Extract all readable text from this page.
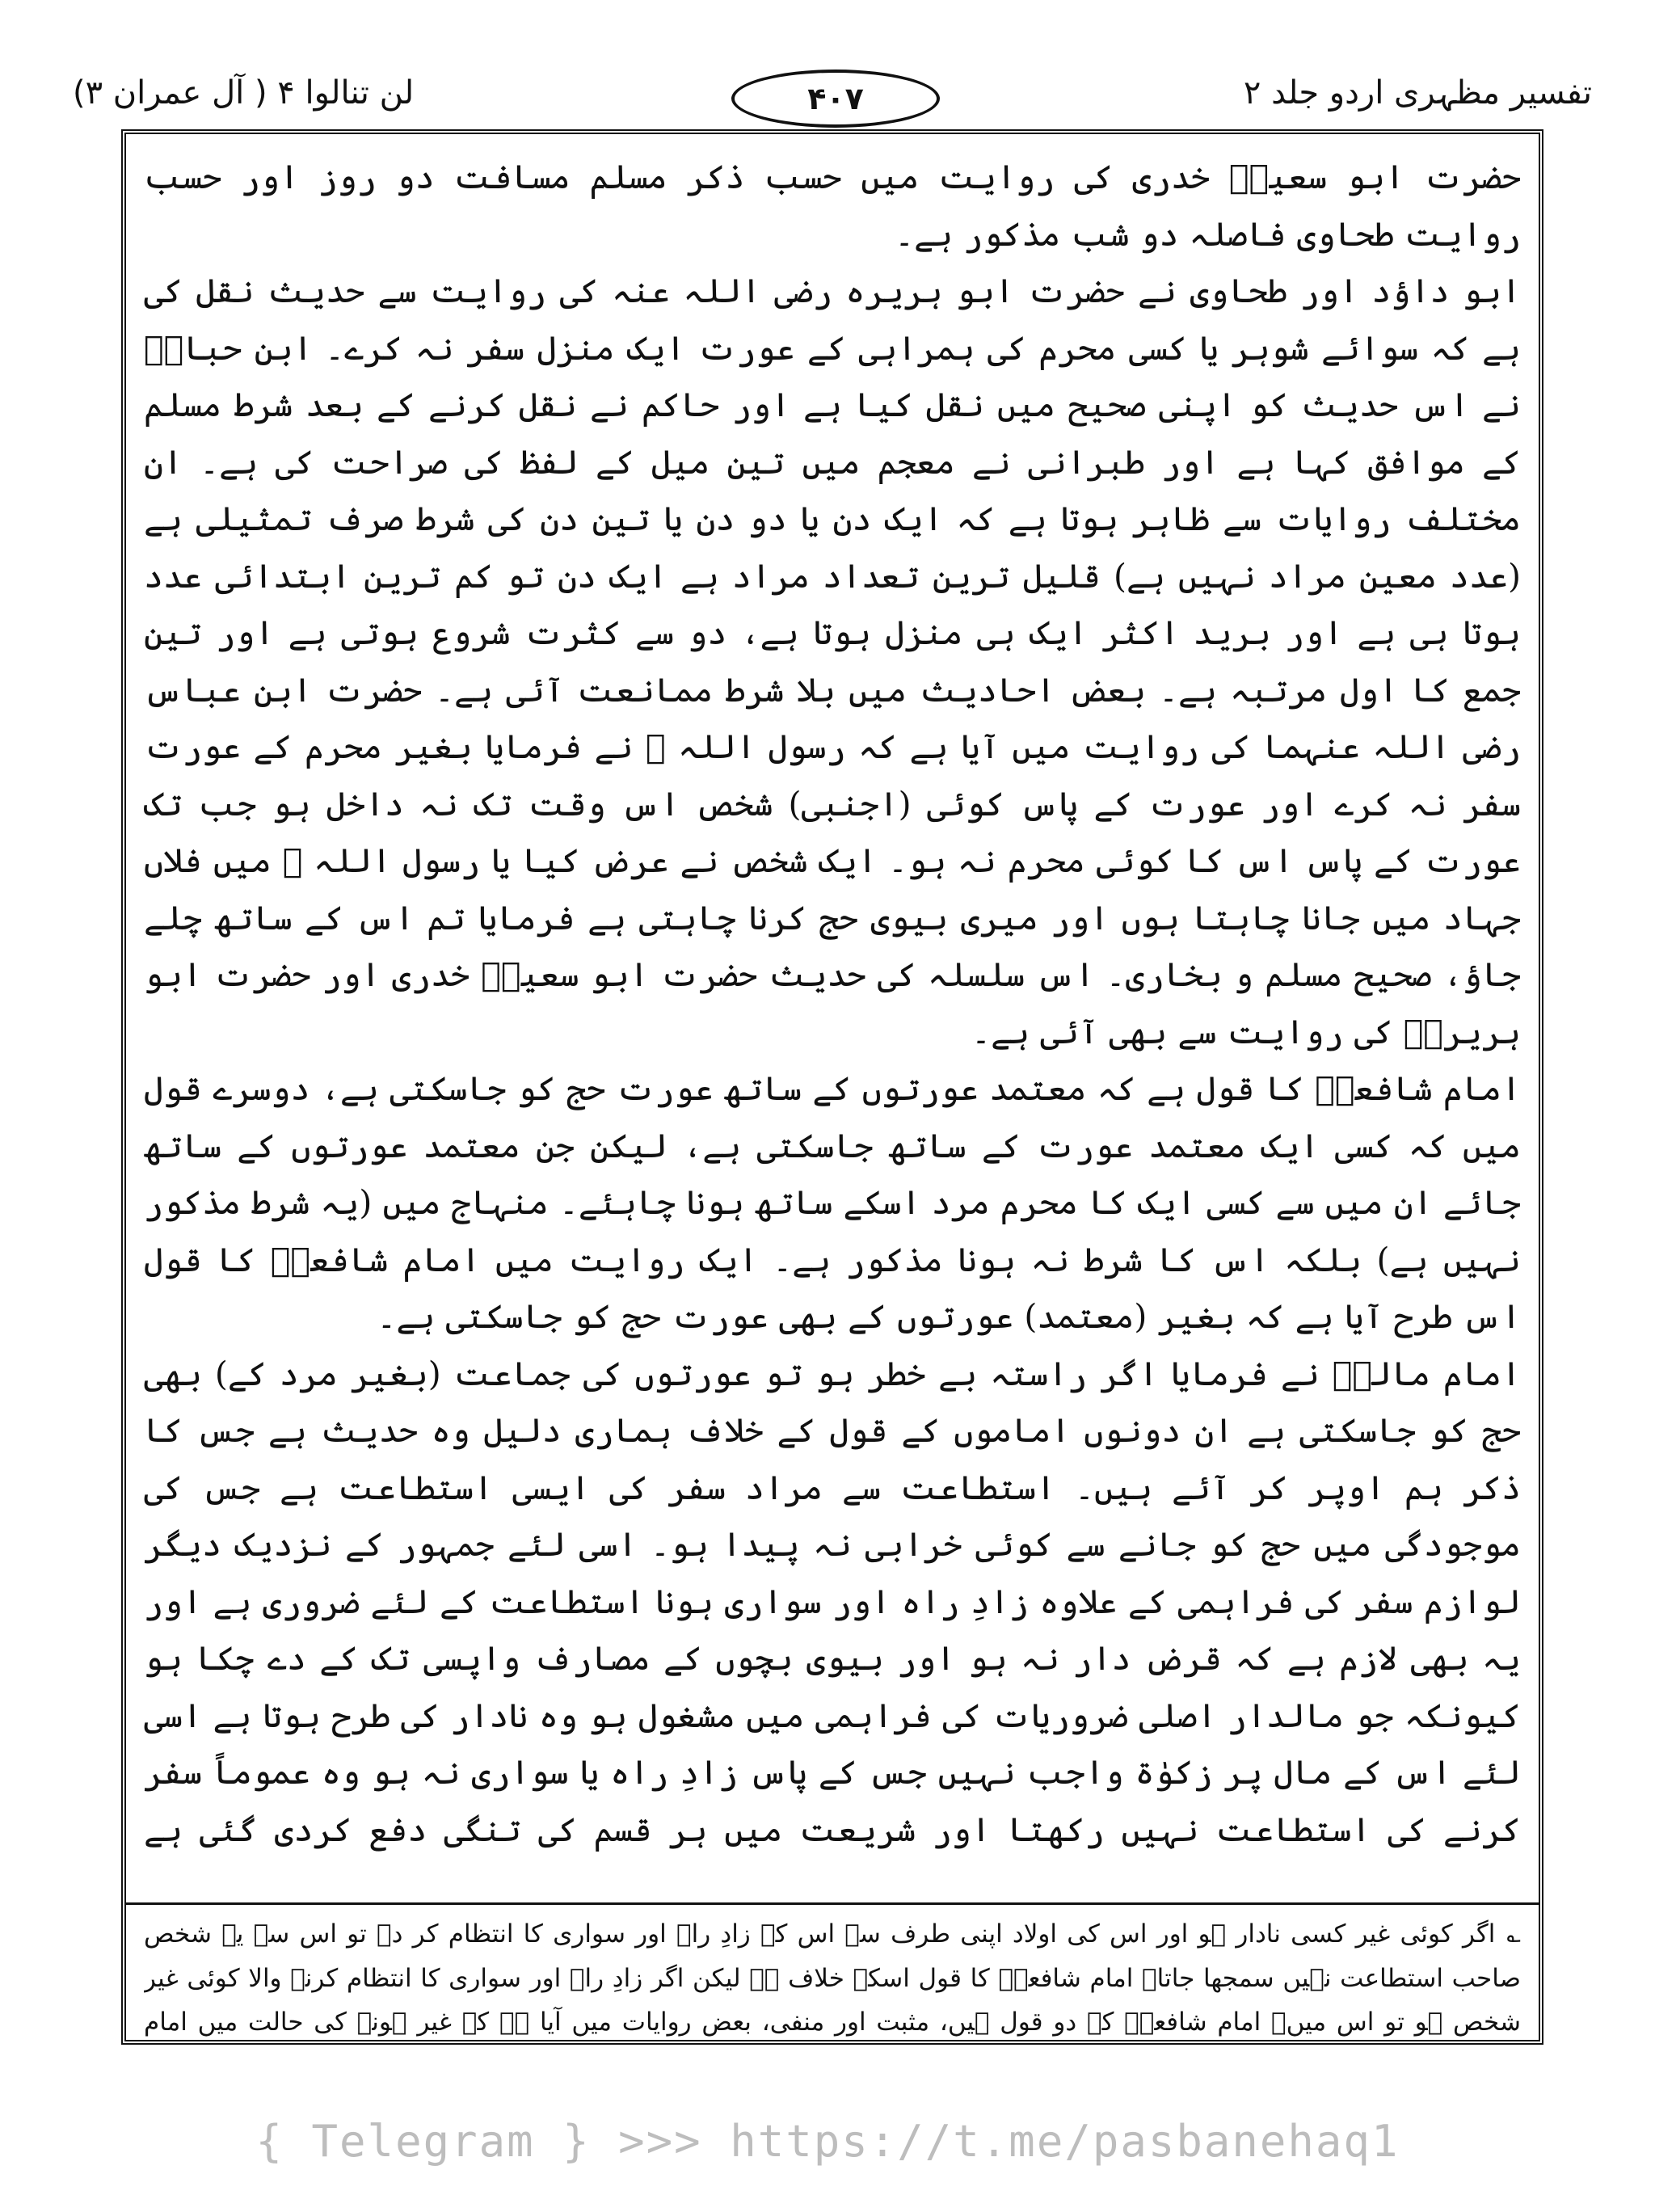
لن تنالوا ۴ ( آل عمران ۳)	۴۰۷	تفسیر مظہری اردو جلد ۲

حضرت ابو سعیدؓ خدری کی روایت میں حسب ذکر مسلم مسافت دو روز اور حسب روایت طحاوی فاصلہ دو شب مذکور ہے۔

ابو داؤد اور طحاوی نے حضرت ابو ہریرہ رضی اللہ عنہ کی روایت سے حدیث نقل کی ہے کہ سوائے شوہر یا کسی محرم کی ہمراہی کے عورت ایک منزل سفر نہ کرے۔ ابن حبانؒ نے اس حدیث کو اپنی صحیح میں نقل کیا ہے اور حاکم نے نقل کرنے کے بعد شرط مسلم کے موافق کہا ہے اور طبرانی نے معجم میں تین میل کے لفظ کی صراحت کی ہے۔ ان مختلف روایات سے ظاہر ہوتا ہے کہ ایک دن یا دو دن یا تین دن کی شرط صرف تمثیلی ہے (عدد معین مراد نہیں ہے) قلیل ترین تعداد مراد ہے ایک دن تو کم ترین ابتدائی عدد ہوتا ہی ہے اور برید اکثر ایک ہی منزل ہوتا ہے، دو سے کثرت شروع ہوتی ہے اور تین جمع کا اول مرتبہ ہے۔ بعض احادیث میں بلا شرط ممانعت آئی ہے۔ حضرت ابن عباس رضی اللہ عنہما کی روایت میں آیا ہے کہ رسول اللہ ﷺ نے فرمایا بغیر محرم کے عورت سفر نہ کرے اور عورت کے پاس کوئی (اجنبی) شخص اس وقت تک نہ داخل ہو جب تک عورت کے پاس اس کا کوئی محرم نہ ہو۔ ایک شخص نے عرض کیا یا رسول اللہ ﷺ میں فلاں جہاد میں جانا چاہتا ہوں اور میری بیوی حج کرنا چاہتی ہے فرمایا تم اس کے ساتھ چلے جاؤ، صحیح مسلم و بخاری۔ اس سلسلہ کی حدیث حضرت ابو سعیدؓ خدری اور حضرت ابو ہریرہؓ کی روایت سے بھی آئی ہے۔

امام شافعیؒ کا قول ہے کہ معتمد عورتوں کے ساتھ عورت حج کو جاسکتی ہے، دوسرے قول میں کہ کسی ایک معتمد عورت کے ساتھ جاسکتی ہے، لیکن جن معتمد عورتوں کے ساتھ جائے ان میں سے کسی ایک کا محرم مرد اسکے ساتھ ہونا چاہئے۔ منہاج میں (یہ شرط مذکور نہیں ہے) بلکہ اس کا شرط نہ ہونا مذکور ہے۔ ایک روایت میں امام شافعیؒ کا قول اس طرح آیا ہے کہ بغیر (معتمد) عورتوں کے بھی عورت حج کو جاسکتی ہے۔

امام مالکؒ نے فرمایا اگر راستہ بے خطر ہو تو عورتوں کی جماعت (بغیر مرد کے) بھی حج کو جاسکتی ہے ان دونوں اماموں کے قول کے خلاف ہماری دلیل وہ حدیث ہے جس کا ذکر ہم اوپر کر آئے ہیں۔ استطاعت سے مراد سفر کی ایسی استطاعت ہے جس کی موجودگی میں حج کو جانے سے کوئی خرابی نہ پیدا ہو۔ اسی لئے جمہور کے نزدیک دیگر لوازم سفر کی فراہمی کے علاوہ زادِ راہ اور سواری ہونا استطاعت کے لئے ضروری ہے اور یہ بھی لازم ہے کہ قرض دار نہ ہو اور بیوی بچوں کے مصارف واپسی تک کے دے چکا ہو کیونکہ جو مالدار اصلی ضروریات کی فراہمی میں مشغول ہو وہ نادار کی طرح ہوتا ہے اسی لئے اس کے مال پر زکوٰۃ واجب نہیں جس کے پاس زادِ راہ یا سواری نہ ہو وہ عموماً سفر کرنے کی استطاعت نہیں رکھتا اور شریعت میں ہر قسم کی تنگی دفع کردی گئی ہے

؎اگر کوئی غیر کسی نادار ہو اور اس کی اولاد اپنی طرف سے اس کے زادِ راہ اور سواری کا انتظام کر دے تو اس سے یہ شخص صاحب استطاعت نہیں سمجھا جاتا۔ امام شافعیؒ کا قول اسکے خلاف ہے لیکن اگر زادِ راہ اور سواری کا انتظام کرنے والا کوئی غیر شخص ہو تو اس میں۔ امام شافعیؒ کے دو قول ہیں، مثبت اور منفی، بعض روایات میں آیا ہے کہ غیر ہونے کی حالت میں امام
{ Telegram } >>> https://t.me/pasbanehaq1
